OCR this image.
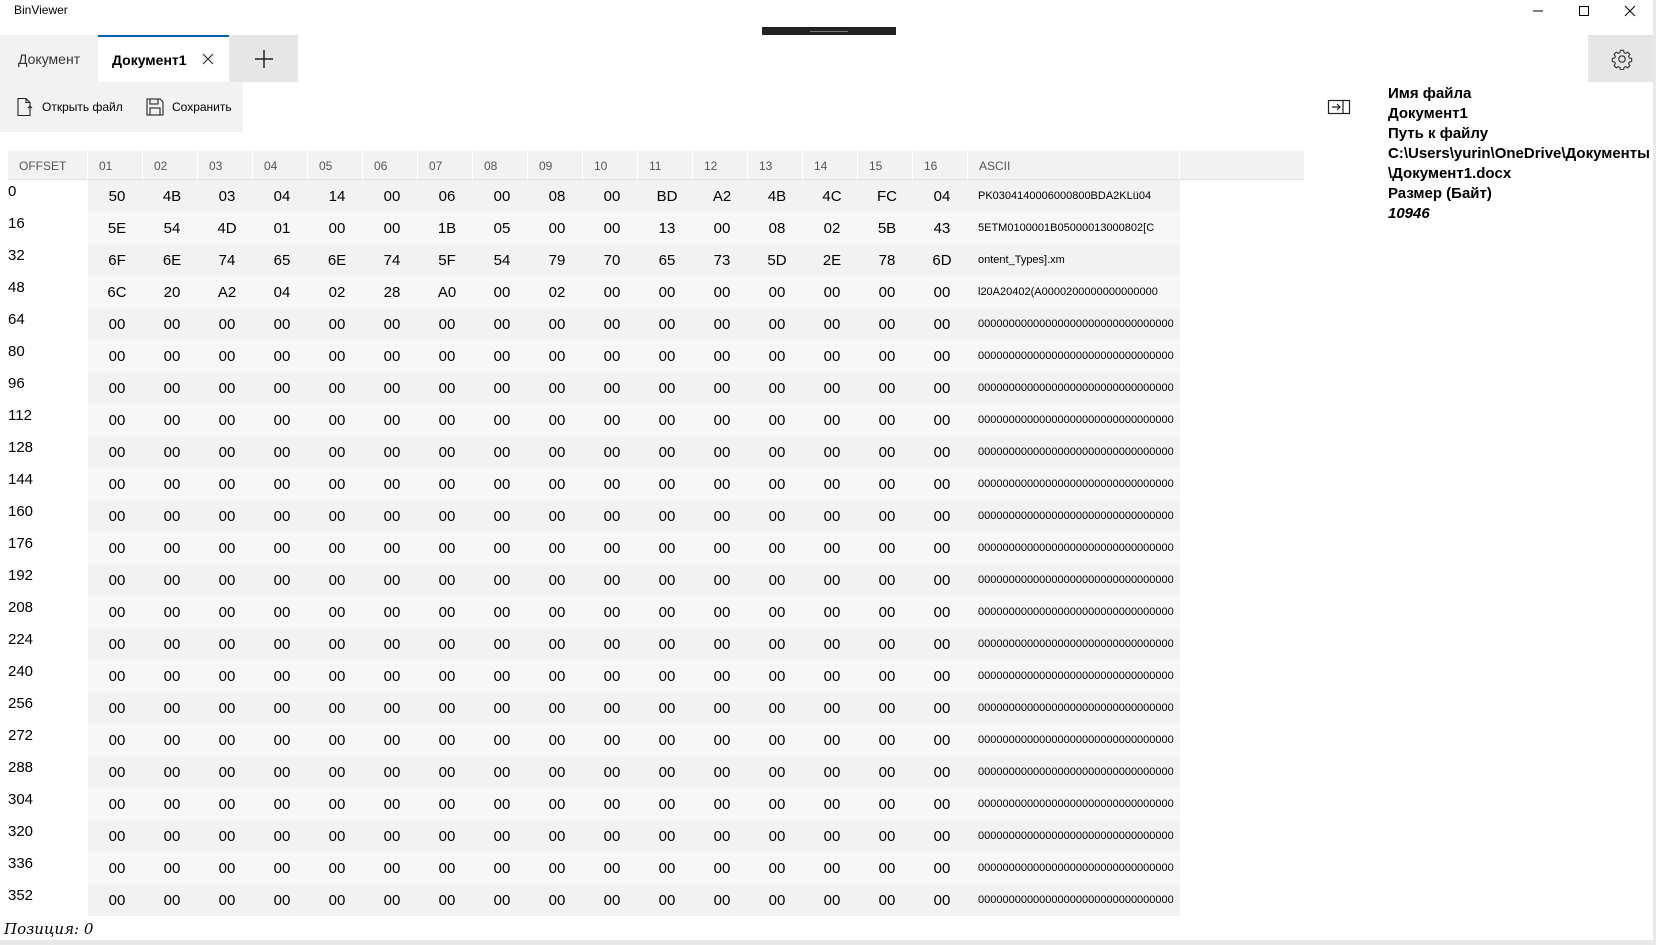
BinViewer
Документ Документ1
Открыть файл	Сохранить
Имя файла
Документ1
Путь к файлу
C:\Users\yurin\OneDrive\Документы
\Документ1.docx
Размер (Байт)
10946
OFFSET	01	02	03	04	05	06	07	08	09	10	11	12	13	14	15	16	ASCII
0	50	4B	03	04	14	00	06	00	08	00	BD	A2	4B	4C	FC	04	PK0304140006000800BDA2KLü04
16	5E	54	4D	01	00	00	1B	05	00	00	13	00	08	02	5B	43	5ETM0100001B05000013000802[C
32	6F	6E	74	65	6E	74	5F	54	79	70	65	73	5D	2E	78	6D	ontent_Types].xm
48	6C	20	A2	04	02	28	A0	00	02	00	00	00	00	00	00	00	l20A20402(A0000200000000000000
64	00	00	00	00	00	00	00	00	00	00	00	00	00	00	00	00	00000000000000000000000000000000
80	00	00	00	00	00	00	00	00	00	00	00	00	00	00	00	00	00000000000000000000000000000000
96	00	00	00	00	00	00	00	00	00	00	00	00	00	00	00	00	00000000000000000000000000000000
112	00	00	00	00	00	00	00	00	00	00	00	00	00	00	00	00	00000000000000000000000000000000
128	00	00	00	00	00	00	00	00	00	00	00	00	00	00	00	00	00000000000000000000000000000000
144	00	00	00	00	00	00	00	00	00	00	00	00	00	00	00	00	00000000000000000000000000000000
160	00	00	00	00	00	00	00	00	00	00	00	00	00	00	00	00	00000000000000000000000000000000
176	00	00	00	00	00	00	00	00	00	00	00	00	00	00	00	00	00000000000000000000000000000000
192	00	00	00	00	00	00	00	00	00	00	00	00	00	00	00	00	00000000000000000000000000000000
208	00	00	00	00	00	00	00	00	00	00	00	00	00	00	00	00	00000000000000000000000000000000
224	00	00	00	00	00	00	00	00	00	00	00	00	00	00	00	00	00000000000000000000000000000000
240	00	00	00	00	00	00	00	00	00	00	00	00	00	00	00	00	00000000000000000000000000000000
256	00	00	00	00	00	00	00	00	00	00	00	00	00	00	00	00	00000000000000000000000000000000
272	00	00	00	00	00	00	00	00	00	00	00	00	00	00	00	00	00000000000000000000000000000000
288	00	00	00	00	00	00	00	00	00	00	00	00	00	00	00	00	00000000000000000000000000000000
304	00	00	00	00	00	00	00	00	00	00	00	00	00	00	00	00	00000000000000000000000000000000
320	00	00	00	00	00	00	00	00	00	00	00	00	00	00	00	00	00000000000000000000000000000000
336	00	00	00	00	00	00	00	00	00	00	00	00	00	00	00	00	00000000000000000000000000000000
352	00	00	00	00	00	00	00	00	00	00	00	00	00	00	00	00	00000000000000000000000000000000
Позиция: 0
